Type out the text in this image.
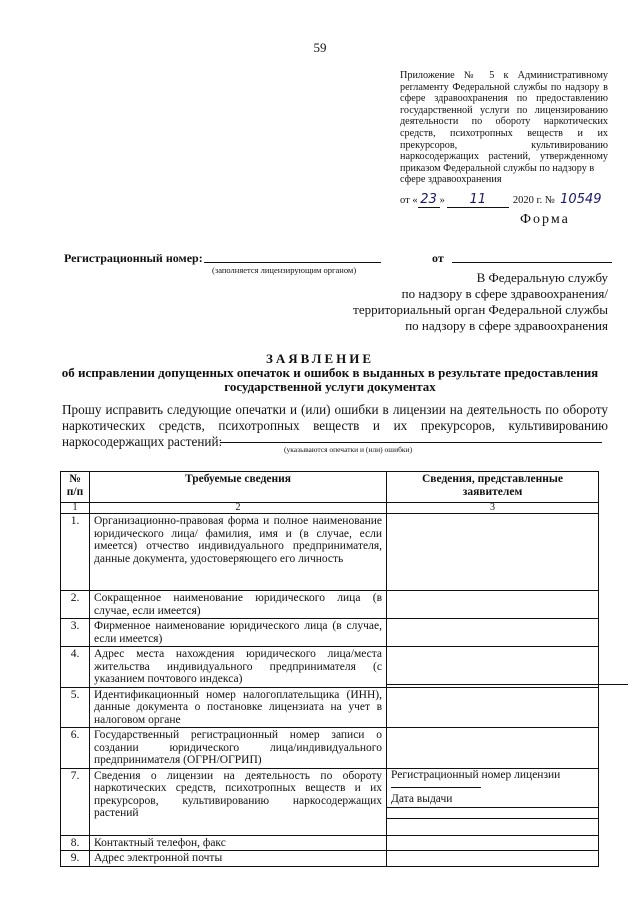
59
Приложение № 5 к Административному регламенту Федеральной службы по надзору в сфере здравоохранения по предоставлению государственной услуги по лицензированию деятельности по обороту наркотических средств, психотропных веществ и их прекурсоров, культивированию наркосодержащих растений, утвержденному приказом Федеральной службы по надзору в
сфере здравоохранения
от « 23 » 11	2020 г. № 10549
Форма
Регистрационный номер:
(заполняется лицензирующим органом)
от
В Федеральную службу
по надзору в сфере здравоохранения/
территориальный орган Федеральной службы
по надзору в сфере здравоохранения
ЗАЯВЛЕНИЕ
об исправлении допущенных опечаток и ошибок в выданных в результате предоставления государственной услуги документах
Прошу исправить следующие опечатки и (или) ошибки в лицензии на деятельность по обороту наркотических средств, психотропных веществ и их прекурсоров, культивированию наркосодержащих растений:
(указываются опечатки и (или) ошибки)
№ п/п	Требуемые сведения	Сведения, представленные заявителем
1	2	3
1.	Организационно-правовая форма и полное наименование юридического лица/ фамилия, имя и (в случае, если имеется) отчество индивидуального предпринимателя, данные документа, удостоверяющего его личность	
2.	Сокращенное наименование юридического лица (в случае, если имеется)	
3.	Фирменное наименование юридического лица (в случае, если имеется)	
4.	Адрес места нахождения юридического лица/места жительства индивидуального предпринимателя (с указанием почтового индекса)	
5.	Идентификационный номер налогоплательщика (ИНН), данные документа о постановке лицензиата на учет в налоговом органе	
6.	Государственный регистрационный номер записи о создании юридического лица/индивидуального предпринимателя (ОГРН/ОГРИП)	
7.	Сведения о лицензии на деятельность по обороту наркотических средств, психотропных веществ и их прекурсоров, культивированию наркосодержащих растений	Регистрационный номер лицензии
Дата выдачи

8.	Контактный телефон, факс	
9.	Адрес электронной почты	
